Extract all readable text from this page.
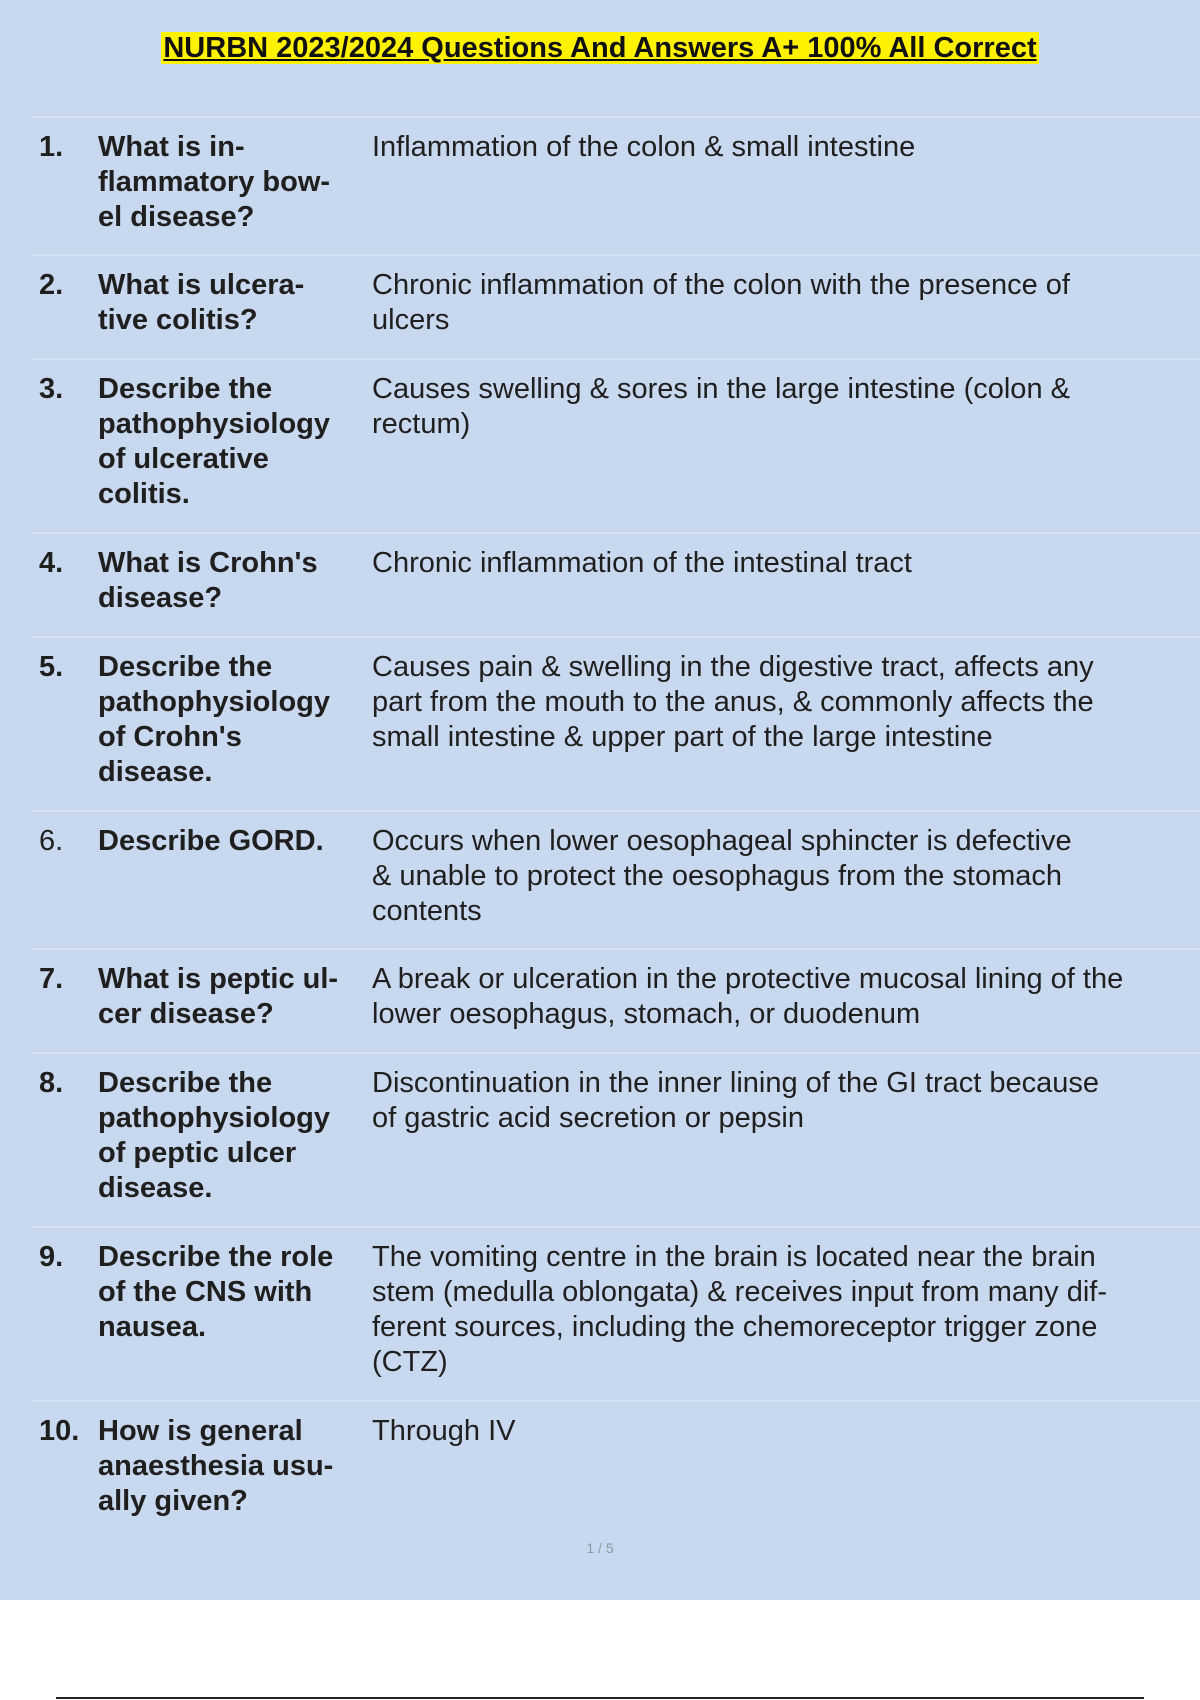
NURBN 2023/2024 Questions And Answers A+ 100% All Correct
1. What is in-
flammatory bow-
el disease?
Inflammation of the colon & small intestine
2. What is ulcera-
tive colitis?
Chronic inflammation of the colon with the presence of
ulcers
3. Describe the
pathophysiology
of ulcerative
colitis.
Causes swelling & sores in the large intestine (colon &
rectum)
4. What is Crohn's
disease?
Chronic inflammation of the intestinal tract
5. Describe the
pathophysiology
of Crohn's
disease.
Causes pain & swelling in the digestive tract, affects any
part from the mouth to the anus, & commonly affects the
small intestine & upper part of the large intestine
6. Describe GORD.	Occurs when lower oesophageal sphincter is defective
& unable to protect the oesophagus from the stomach
contents
7. What is peptic ul-
cer disease?
A break or ulceration in the protective mucosal lining of the
lower oesophagus, stomach, or duodenum
8. Describe the
pathophysiology
of peptic ulcer
disease.
Discontinuation in the inner lining of the GI tract because
of gastric acid secretion or pepsin
9. Describe the role
of the CNS with
nausea.
The vomiting centre in the brain is located near the brain
stem (medulla oblongata) & receives input from many dif-
ferent sources, including the chemoreceptor trigger zone
(CTZ)
10. How is general
anaesthesia usu-
ally given?
Through IV
1 / 5
